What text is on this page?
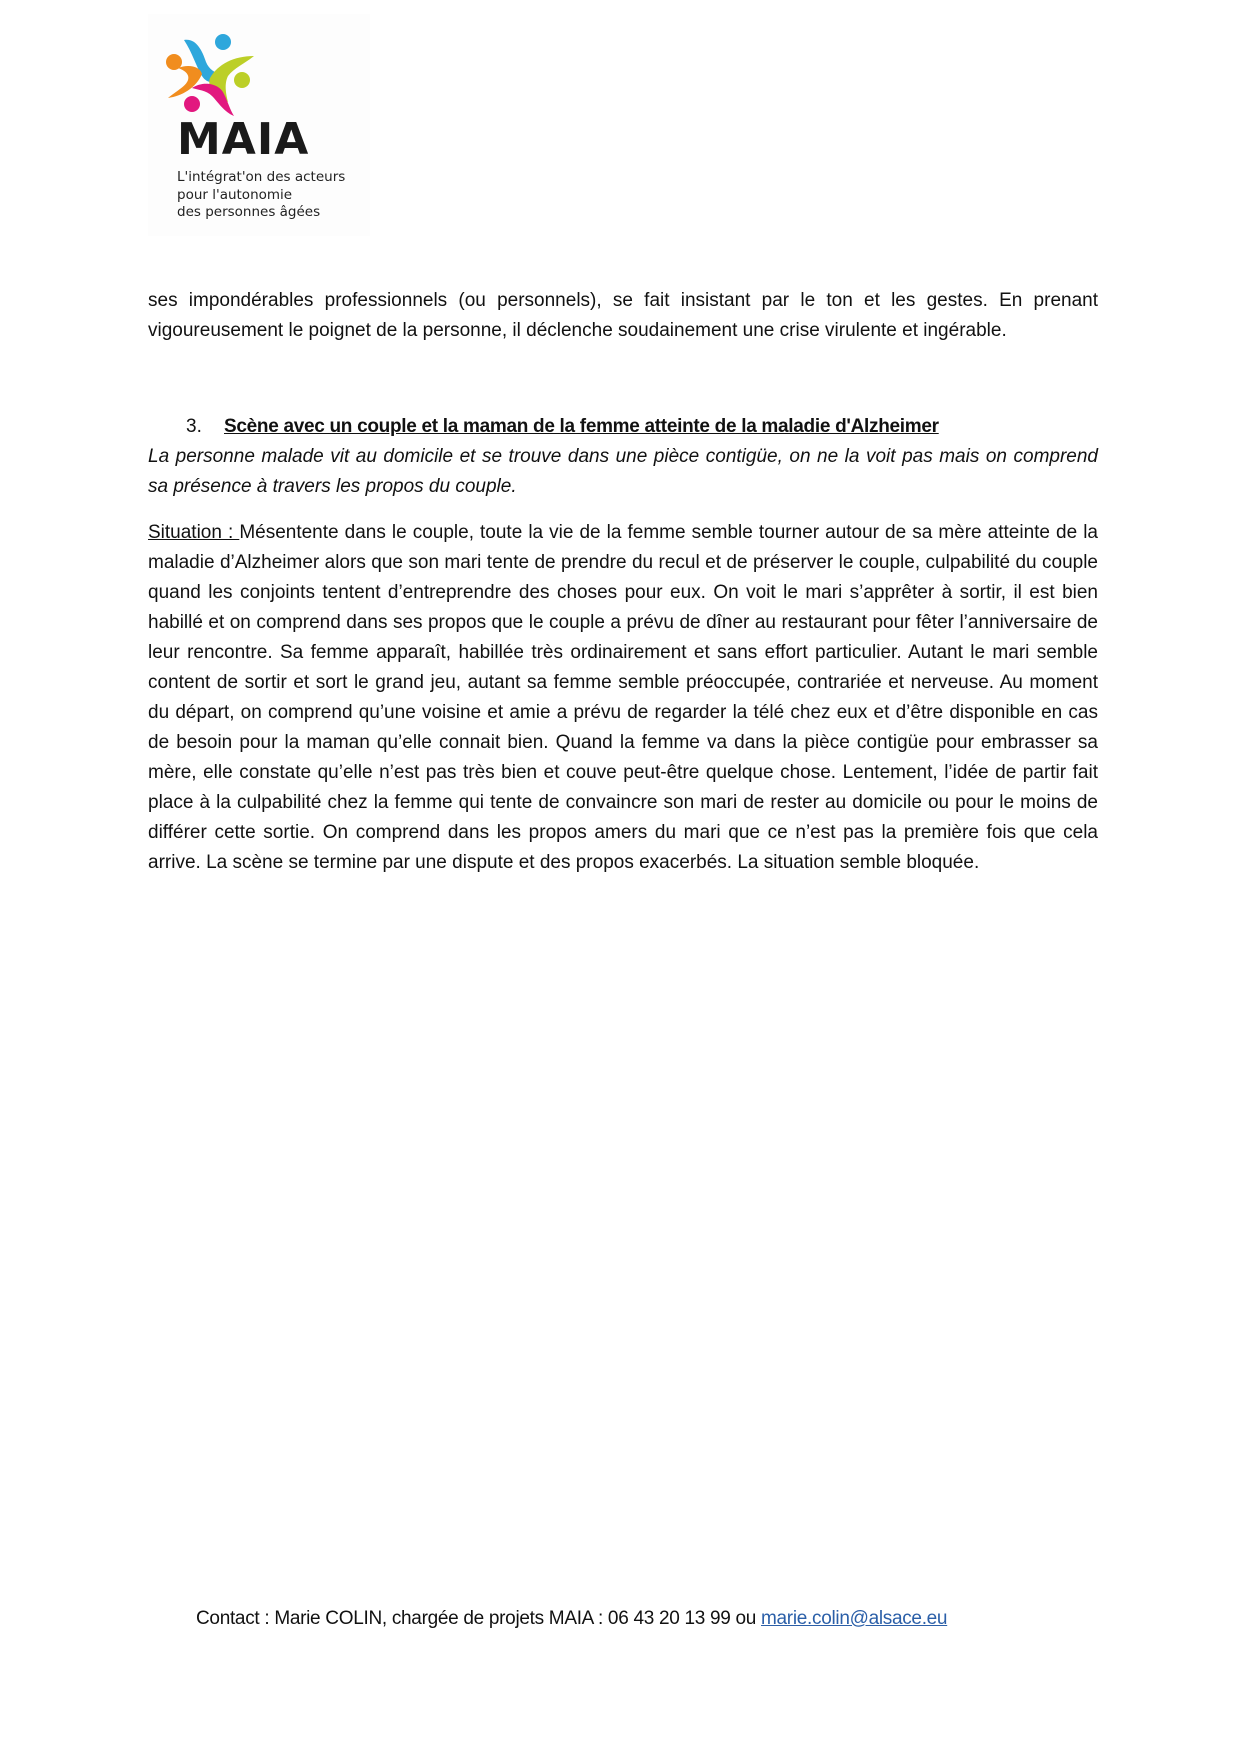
MAIA
L'intégrat'on des acteurs
pour l'autonomie
des personnes âgées
ses impondérables professionnels (ou personnels), se fait insistant par le ton et les gestes. En prenant vigoureusement le poignet de la personne, il déclenche soudainement une crise virulente et ingérable.
3. Scène avec un couple et la maman de la femme atteinte de la maladie d'Alzheimer
La personne malade vit au domicile et se trouve dans une pièce contigüe, on ne la voit pas mais on comprend sa présence à travers les propos du couple.
Situation : Mésentente dans le couple, toute la vie de la femme semble tourner autour de sa mère atteinte de la maladie d’Alzheimer alors que son mari tente de prendre du recul et de préserver le couple, culpabilité du couple quand les conjoints tentent d’entreprendre des choses pour eux. On voit le mari s’apprêter à sortir, il est bien habillé et on comprend dans ses propos que le couple a prévu de dîner au restaurant pour fêter l’anniversaire de leur rencontre. Sa femme apparaît, habillée très ordinairement et sans effort particulier. Autant le mari semble content de sortir et sort le grand jeu, autant sa femme semble préoccupée, contrariée et nerveuse. Au moment du départ, on comprend qu’une voisine et amie a prévu de regarder la télé chez eux et d’être disponible en cas de besoin pour la maman qu’elle connait bien. Quand la femme va dans la pièce contigüe pour embrasser sa mère, elle constate qu’elle n’est pas très bien et couve peut-être quelque chose. Lentement, l’idée de partir fait place à la culpabilité chez la femme qui tente de convaincre son mari de rester au domicile ou pour le moins de différer cette sortie. On comprend dans les propos amers du mari que ce n’est pas la première fois que cela arrive. La scène se termine par une dispute et des propos exacerbés. La situation semble bloquée.
Contact : Marie COLIN, chargée de projets MAIA : 06 43 20 13 99 ou marie.colin@alsace.eu
